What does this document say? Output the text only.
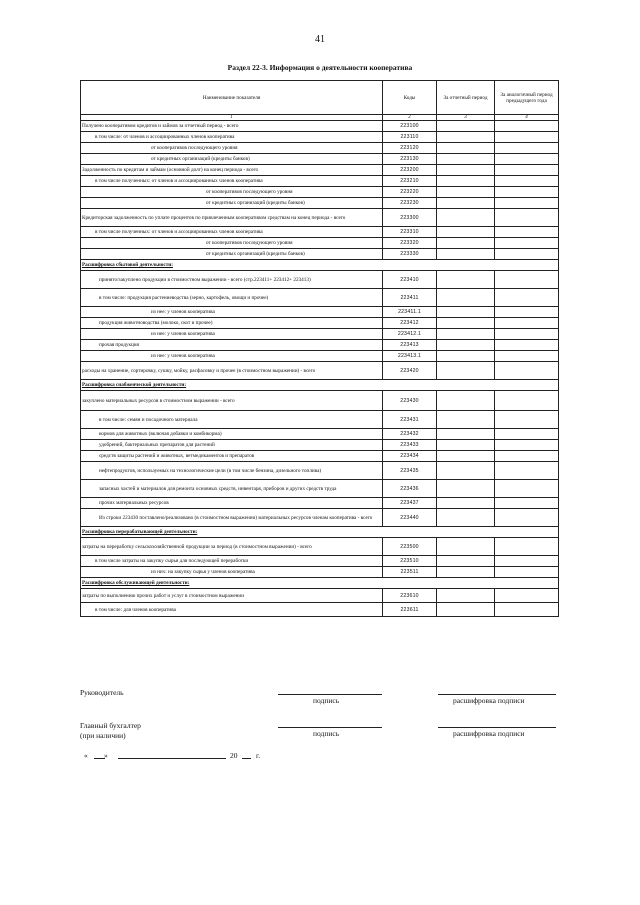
41
Раздел 22-3. Информация о деятельности кооператива
Наименование показателя	Коды	За отчетный период	За аналогичный период предыдущего года
1	2	3	4
Получено кооперативом кредитов и займов за отчетный период - всего	223100		
в том числе: от членов и ассоциированных членов кооператива	223110		
от кооперативов последующего уровня	223120		
от кредитных организаций (кредиты банков)	223130		
Задолженность по кредитам и займам (основной долг) на конец периода - всего	223200		
в том числе полученных: от членов и ассоциированных членов кооператива	223210		
от кооперативов последующего уровня	223220		
от кредитных организаций (кредиты банков)	223230		
Кредиторская задолженность по уплате процентов по привлеченным кооперативом средствам на конец периода - всего	223300		
в том числе полученных: от членов и ассоциированных членов кооператива	223310		
от кооперативов последующего уровня	223320		
от кредитных организаций (кредиты банков)	223330		
Расшифровка сбытовой деятельности:			
принято/закуплено продукции в стоимостном выражении - всего (стр.223411+ 223412+ 223413)	223410		
в том числе: продукция растениеводства (зерно, картофель, овощи и прочее)	223411		
из нее: у членов кооператива	223411.1		
продукция животноводства (молоко, скот и прочее)	223412		
из нее: у членов кооператива	223412.1		
прочая продукция	223413		
из нее: у членов кооператива	223413.1		
расходы на хранение, сортировку, сушку, мойку, расфасовку и прочее (в стоимостном выражении) - всего	223420		
Расшифровка снабженческой деятельности:			
закуплено материальных ресурсов в стоимостном выражении - всего	223430		
в том числе: семян и посадочного материала	223431		
кормов для животных (включая добавки и комбикорма)	223432		
удобрений, бактериальных препаратов для растений	223433		
средств защиты растений и животных, ветмедикаментов и препаратов	223434		
нефтепродуктов, используемых на технологические цели (в том числе бензина, дизельного топлива)	223435		
запасных частей и материалов для ремонта основных средств, инвентаря, приборов и других средств труда	223436		
прочих материальных ресурсов	223437		
Из строки 223430 поставлено/реализовано (в стоимостном выражении) материальных ресурсов членам кооператива - всего	223440		
Расшифровка перерабатывающей деятельности:			
затраты на переработку сельскохозяйственной продукции за период (в стоимостном выражении) - всего	223500		
в том числе затраты на закупку сырья для последующей переработки	223510		
из них: на закупку сырья у членов кооператива	223511		
Расшифровка обслуживающей деятельности:			
затраты по выполнению прочих работ и услуг в стоимостном выражении	223610		
в том числе: для членов кооператива	223611		
Руководитель
подпись	расшифровка подписи
Главный бухгалтер
(при наличии)	подпись	расшифровка подписи
« »	20 г.
